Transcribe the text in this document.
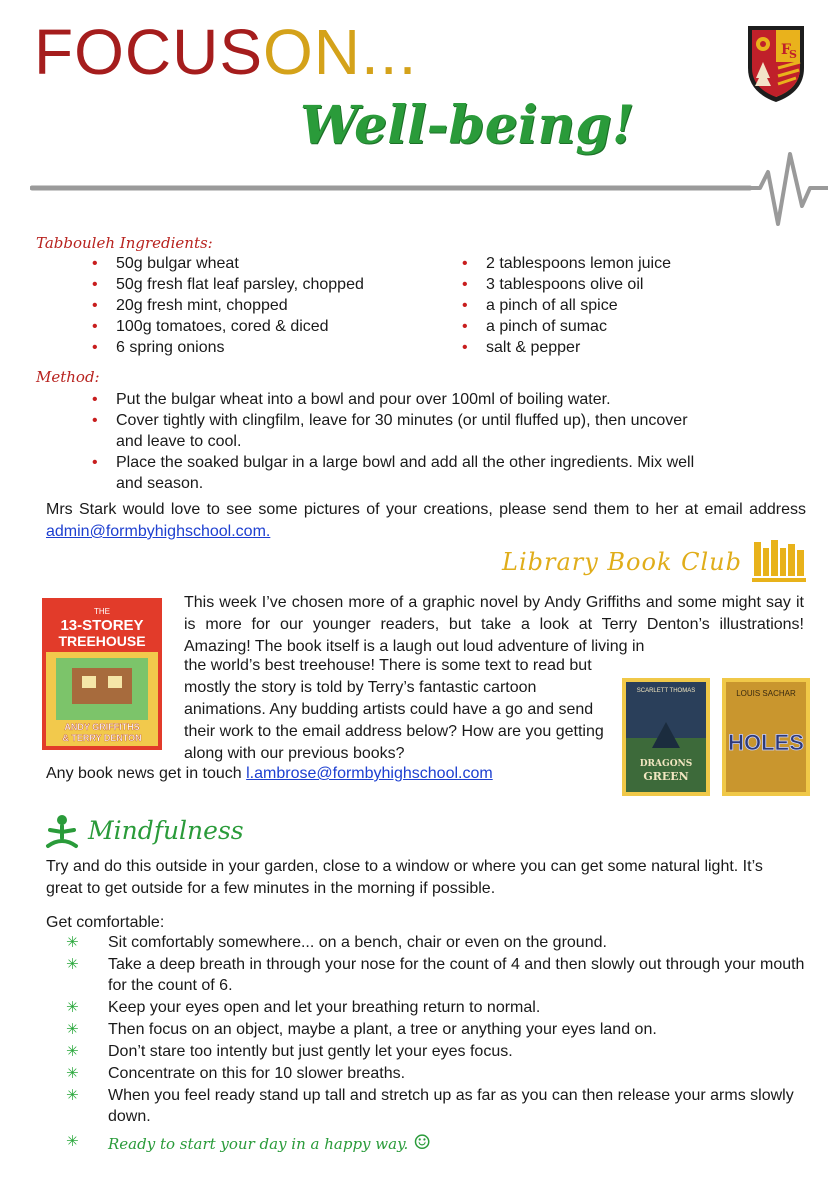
FOCUSON...
Well-being!
F
S
Tabbouleh Ingredients:
• 50g bulgar wheat
• 50g fresh flat leaf parsley, chopped
• 20g fresh mint, chopped
• 100g tomatoes, cored & diced
• 6 spring onions
• 2 tablespoons lemon juice
• 3 tablespoons olive oil
• a pinch of all spice
• a pinch of sumac
• salt & pepper
Method:
• Put the bulgar wheat into a bowl and pour over 100ml of boiling water.
• Cover tightly with clingfilm, leave for 30 minutes (or until fluffed up), then uncover and leave to cool.
• Place the soaked bulgar in a large bowl and add all the other ingredients. Mix well and season.

Mrs Stark would love to see some pictures of your creations, please send them to her at email address admin@formbyhighschool.com.

Library Book Club
THE
13-STOREY
TREEHOUSE
ANDY GRIFFITHS
& TERRY DENTON

This week I’ve chosen more of a graphic novel by Andy Griffiths and some might say it is more for our younger readers, but take a look at Terry Denton’s illustrations! Amazing! The book itself is a laugh out loud adventure of living in

the world’s best treehouse! There is some text to read but mostly the story is told by Terry’s fantastic cartoon animations. Any budding artists could have a go and send their work to the email address below? How are you getting along with our previous books?

Any book news get in touch l.ambrose@formbyhighschool.com

SCARLETT THOMAS
DRAGONS
GREEN
LOUIS SACHAR
HOLES
Mindfulness

Try and do this outside in your garden, close to a window or where you can get some natural light. It’s great to get outside for a few minutes in the morning if possible.

Get comfortable:

✳ Sit comfortably somewhere... on a bench, chair or even on the ground.
✳ Take a deep breath in through your nose for the count of 4 and then slowly out through your mouth for the count of 6.
✳ Keep your eyes open and let your breathing return to normal.
✳ Then focus on an object, maybe a plant, a tree or anything your eyes land on.
✳ Don’t stare too intently but just gently let your eyes focus.
✳ Concentrate on this for 10 slower breaths.
✳ When you feel ready stand up tall and stretch up as far as you can then release your arms slowly down.
✳ Ready to start your day in a happy way. ☺
